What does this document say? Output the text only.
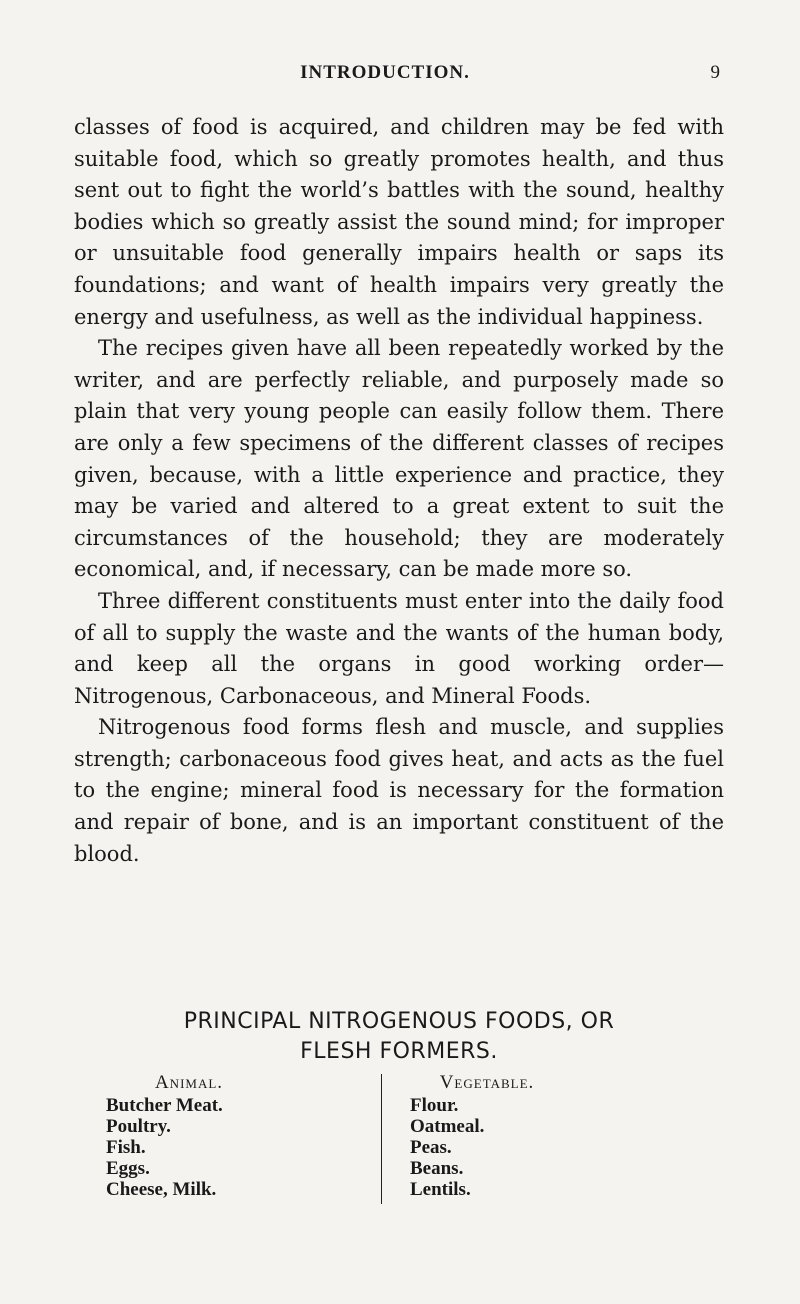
INTRODUCTION.	9

classes of food is acquired, and children may be fed with suitable food, which so greatly promotes health, and thus sent out to fight the world’s battles with the sound, healthy bodies which so greatly assist the sound mind; for improper or unsuitable food generally impairs health or saps its foundations; and want of health impairs very greatly the energy and usefulness, as well as the individual happiness.

The recipes given have all been repeatedly worked by the writer, and are perfectly reliable, and purposely made so plain that very young people can easily follow them. There are only a few specimens of the different classes of recipes given, because, with a little experience and practice, they may be varied and altered to a great extent to suit the circumstances of the household; they are moderately economical, and, if necessary, can be made more so.

Three different constituents must enter into the daily food of all to supply the waste and the wants of the human body, and keep all the organs in good working order—Nitrogenous, Carbonaceous, and Mineral Foods.

Nitrogenous food forms flesh and muscle, and supplies strength; carbonaceous food gives heat, and acts as the fuel to the engine; mineral food is necessary for the formation and repair of bone, and is an important constituent of the blood.

PRINCIPAL NITROGENOUS FOODS, OR
FLESH FORMERS.
Animal.
Butcher Meat.
Poultry.
Fish.
Eggs.
Cheese, Milk.
Vegetable.
Flour.
Oatmeal.
Peas.
Beans.
Lentils.
